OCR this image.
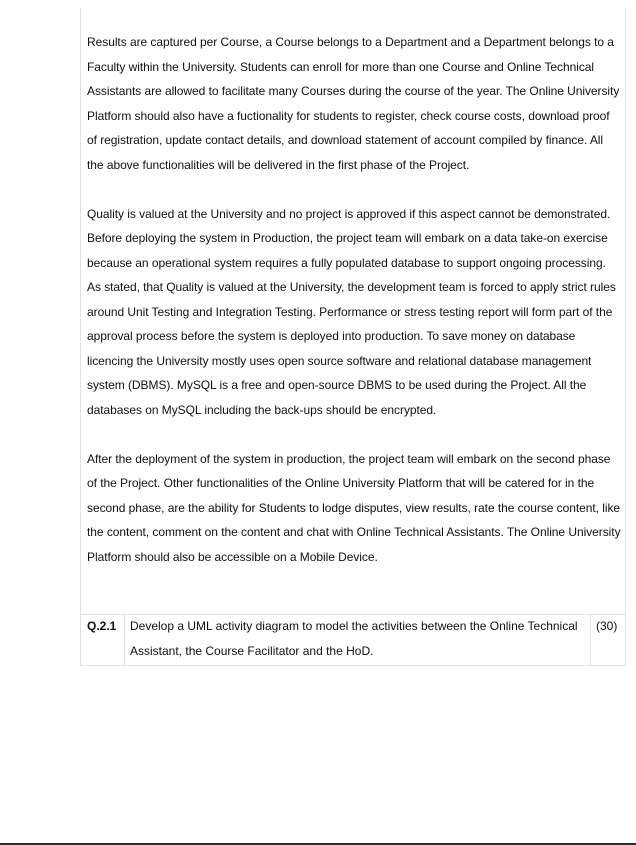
Results are captured per Course, a Course belongs to a Department and a Department belongs to a Faculty within the University. Students can enroll for more than one Course and Online Technical Assistants are allowed to facilitate many Courses during the course of the year. The Online University Platform should also have a fuctionality for students to register, check course costs, download proof of registration, update contact details, and download statement of account compiled by finance. All the above functionalities will be delivered in the first phase of the Project.

Quality is valued at the University and no project is approved if this aspect cannot be demonstrated. Before deploying the system in Production, the project team will embark on a data take-on exercise because an operational system requires a fully populated database to support ongoing processing. As stated, that Quality is valued at the University, the development team is forced to apply strict rules around Unit Testing and Integration Testing. Performance or stress testing report will form part of the approval process before the system is deployed into production. To save money on database licencing the University mostly uses open source software and relational database management system (DBMS). MySQL is a free and open-source DBMS to be used during the Project. All the databases on MySQL including the back-ups should be encrypted.

After the deployment of the system in production, the project team will embark on the second phase of the Project. Other functionalities of the Online University Platform that will be catered for in the second phase, are the ability for Students to lodge disputes, view results, rate the course content, like the content, comment on the content and chat with Online Technical Assistants. The Online University Platform should also be accessible on a Mobile Device.

Q.2.1 Develop a UML activity diagram to model the activities between the Online Technical Assistant, the Course Facilitator and the HoD.
(30)
